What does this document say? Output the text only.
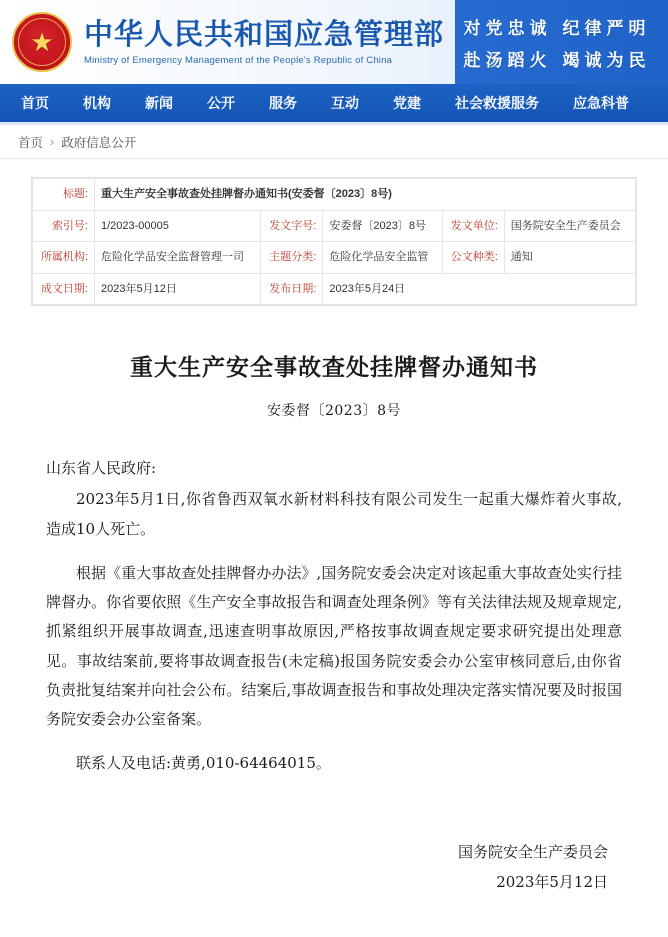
★ 中华人民共和国应急管理部
Ministry of Emergency Management of the People's Republic of China
对党忠诚 纪律严明
赴汤蹈火 竭诚为民
首页	机构	新闻	公开	服务	互动	党建	社会救援服务	应急科普
首页 › 政府信息公开
标题:	重大生产安全事故查处挂牌督办通知书(安委督〔2023〕8号)				
索引号:	1/2023-00005	发文字号:	安委督〔2023〕8号	发文单位:	国务院安全生产委员会
所属机构:	危险化学品安全监督管理一司	主题分类:	危险化学品安全监管	公文种类:	通知
成文日期:	2023年5月12日	发布日期:	2023年5月24日		
重大生产安全事故查处挂牌督办通知书
安委督〔2023〕8号
山东省人民政府:

2023年5月1日,你省鲁西双氧水新材料科技有限公司发生一起重大爆炸着火事故,造成10人死亡。

根据《重大事故查处挂牌督办办法》,国务院安委会决定对该起重大事故查处实行挂牌督办。你省要依照《生产安全事故报告和调查处理条例》等有关法律法规及规章规定,抓紧组织开展事故调查,迅速查明事故原因,严格按事故调查规定要求研究提出处理意见。事故结案前,要将事故调查报告(未定稿)报国务院安委会办公室审核同意后,由你省负责批复结案并向社会公布。结案后,事故调查报告和事故处理决定落实情况要及时报国务院安委会办公室备案。

联系人及电话:黄勇,010-64464015。

国务院安全生产委员会
2023年5月12日
